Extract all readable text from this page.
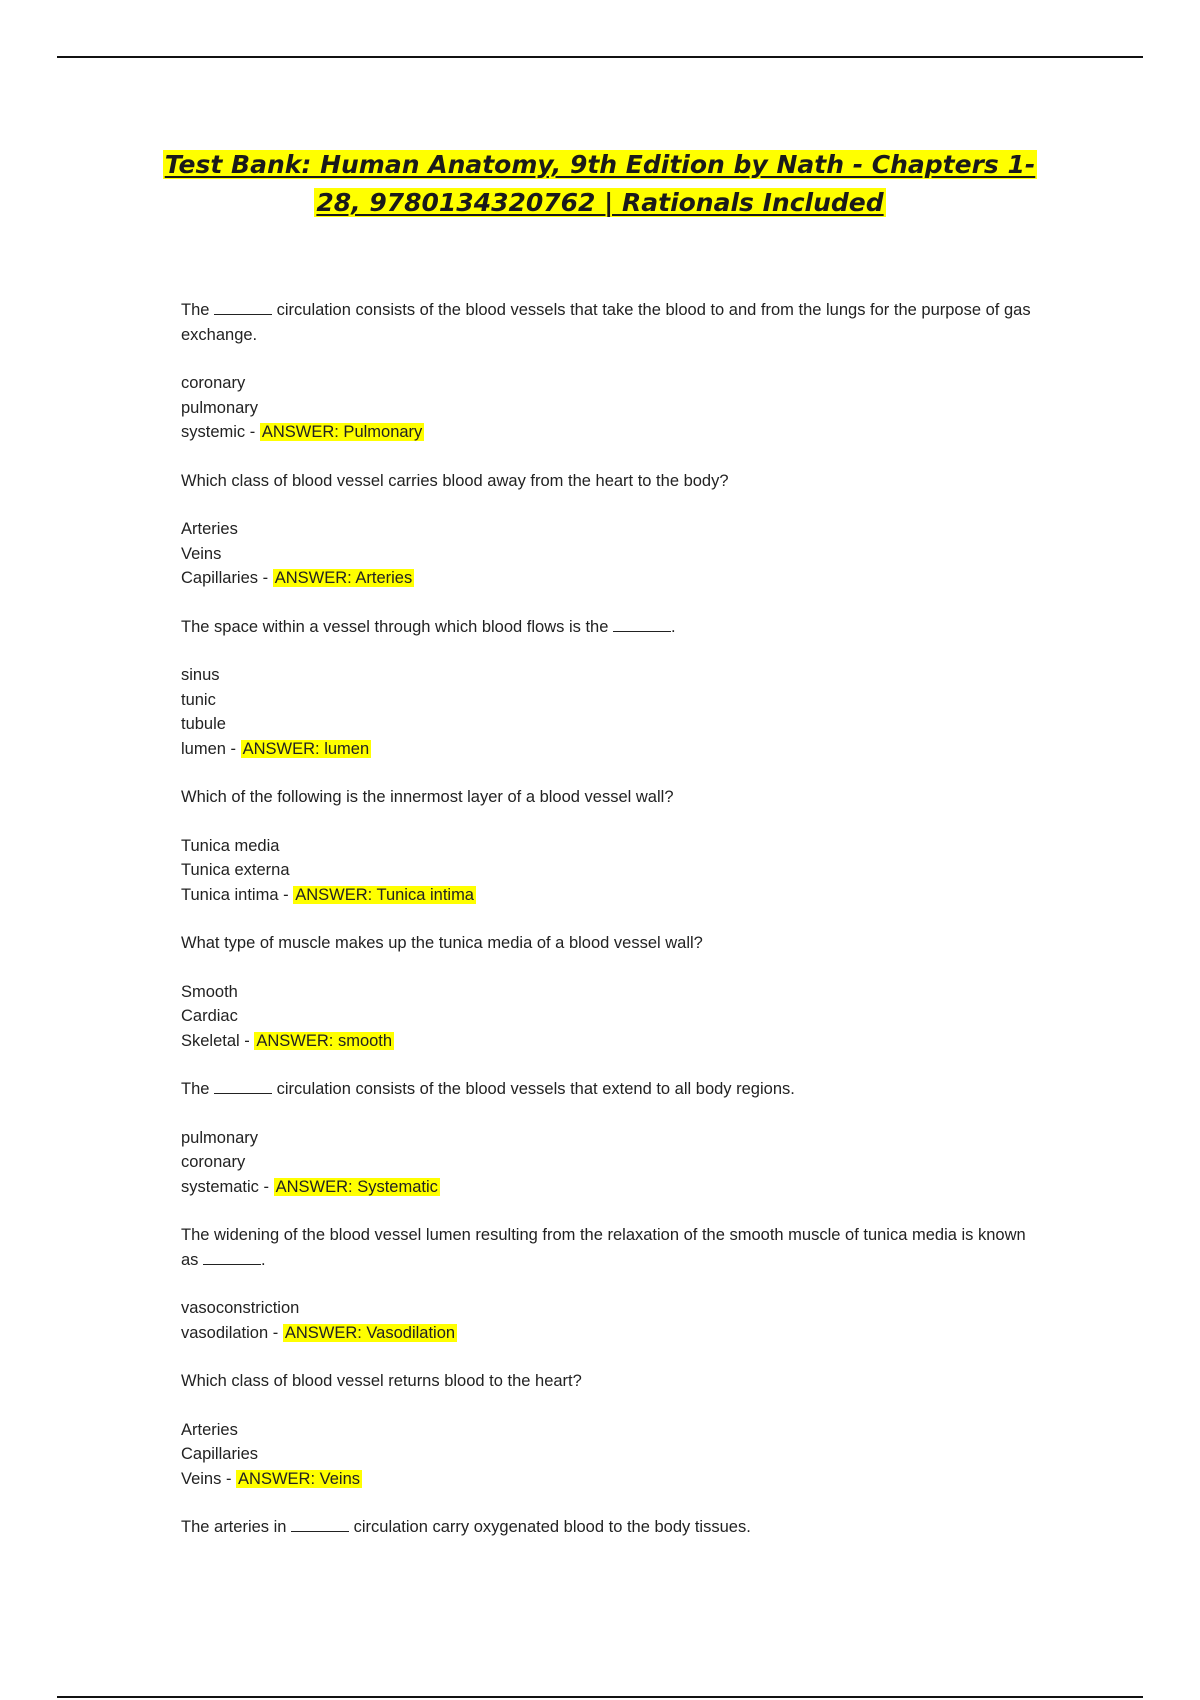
Test Bank: Human Anatomy, 9th Edition by Nath - Chapters 1-
28, 9780134320762 | Rationals Included

The	circulation consists of the blood vessels that take the blood to and from the lungs for the purpose of gas exchange.

coronary
pulmonary
systemic - ANSWER: Pulmonary

Which class of blood vessel carries blood away from the heart to the body?

Arteries
Veins
Capillaries - ANSWER: Arteries

The space within a vessel through which blood flows is the	.

sinus
tunic
tubule
lumen - ANSWER: lumen

Which of the following is the innermost layer of a blood vessel wall?

Tunica media
Tunica externa
Tunica intima - ANSWER: Tunica intima

What type of muscle makes up the tunica media of a blood vessel wall?

Smooth
Cardiac
Skeletal - ANSWER: smooth

The	circulation consists of the blood vessels that extend to all body regions.

pulmonary
coronary
systematic - ANSWER: Systematic

The widening of the blood vessel lumen resulting from the relaxation of the smooth muscle of tunica media is known as	.

vasoconstriction
vasodilation - ANSWER: Vasodilation

Which class of blood vessel returns blood to the heart?

Arteries
Capillaries
Veins - ANSWER: Veins

The arteries in	circulation carry oxygenated blood to the body tissues.
